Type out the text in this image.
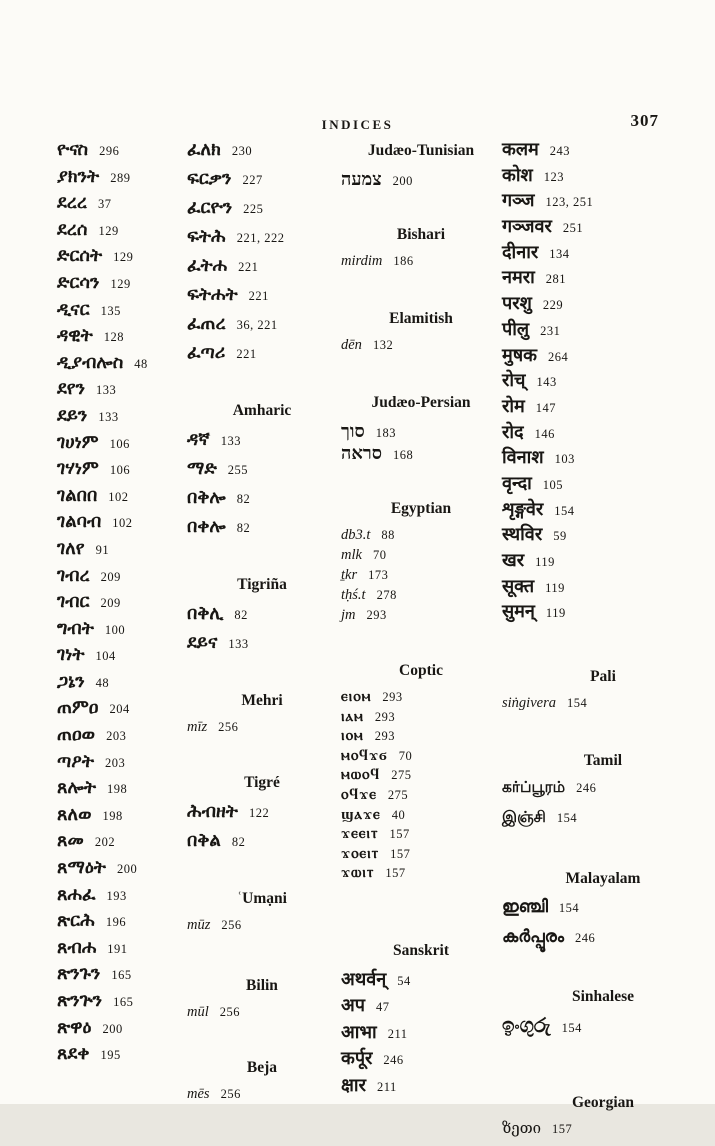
INDICES	307
ዮናስ 296
ያክንት 289
ደረረ 37
ደረሰ 129
ድርሰት 129
ድርሳን 129
ዲናር 135
ዳዊት 128
ዲያብሎስ 48
ደየን 133
ደይን 133
ገሀነም 106
ገሃነም 106
ገልበበ 102
ገልባብ 102
ገለየ 91
ገብረ 209
ገብር 209
ግብት 100
ገነት 104
ጋኔን 48
ጠምዐ 204
ጠዐወ 203
ጣዖት 203
ጸሎት 198
ጸለወ 198
ጸመ 202
ጸማዕት 200
ጸሐፈ 193
ጽርሕ 196
ጸብሐ 191
ጽንጉን 165
ጽንጕን 165
ጽዋዕ 200
ጸደቀ 195
ፈለክ 230
ፍርቃን 227
ፈርዮን 225
ፍትሕ 221, 222
ፈትሐ 221
ፍትሐት 221
ፈጠረ 36, 221
ፈጣሪ 221
Amharic
ዳኛ 133
ማድ 255
በቅሎ 82
በቀሎ 82
Tigriña
በቅሊ 82
ደይና 133
Mehri
mīz 256
Tigré
ሕብዘት 122
በቅል 82
ʿUmạni
mūz 256
Bilin
mūl 256
Beja
mēs 256
Judæo-Tunisian
צמעה 200
Bishari
mirdim 186
Elamitish
dēn 132
Judæo-Persian
סוך 183
סראה 168
Egyptian
db3.t 88
mlk 70
ṯkr 173
tḥś.t 278
jm 293
Coptic
ⲉⲓⲟⲙ 293
ⲓⲁⲙ 293
ⲓⲟⲙ 293
ⲙⲟϥϫϭ 70
ⲙⲱⲟϥ 275
ⲟϥϫⲉ 275
ϣⲁϫⲉ 40
ϫⲉⲉⲓⲧ 157
ϫⲟⲉⲓⲧ 157
ϫⲱⲓⲧ 157
Sanskrit
अथर्वन् 54
अप 47
आभा 211
कर्पूर 246
क्षार 211
कलम 243
कोश 123
गञ्ज 123, 251
गञ्जवर 251
दीनार 134
नमरा 281
परशु 229
पीलु 231
मुषक 264
रोच् 143
रोम 147
रोद 146
विनाश 103
वृन्दा 105
शृङ्गवेर 154
स्थविर 59
खर 119
सूक्त 119
सुमन् 119
Pali
siṅgivera 154
Tamil
கர்ப்பூரம் 246
இஞ்சி 154
Malayalam
ഇഞ്ചി 154
കർപ്പൂരം 246
Sinhalese
ඉංගුරු 154
Georgian
ზეთი 157
